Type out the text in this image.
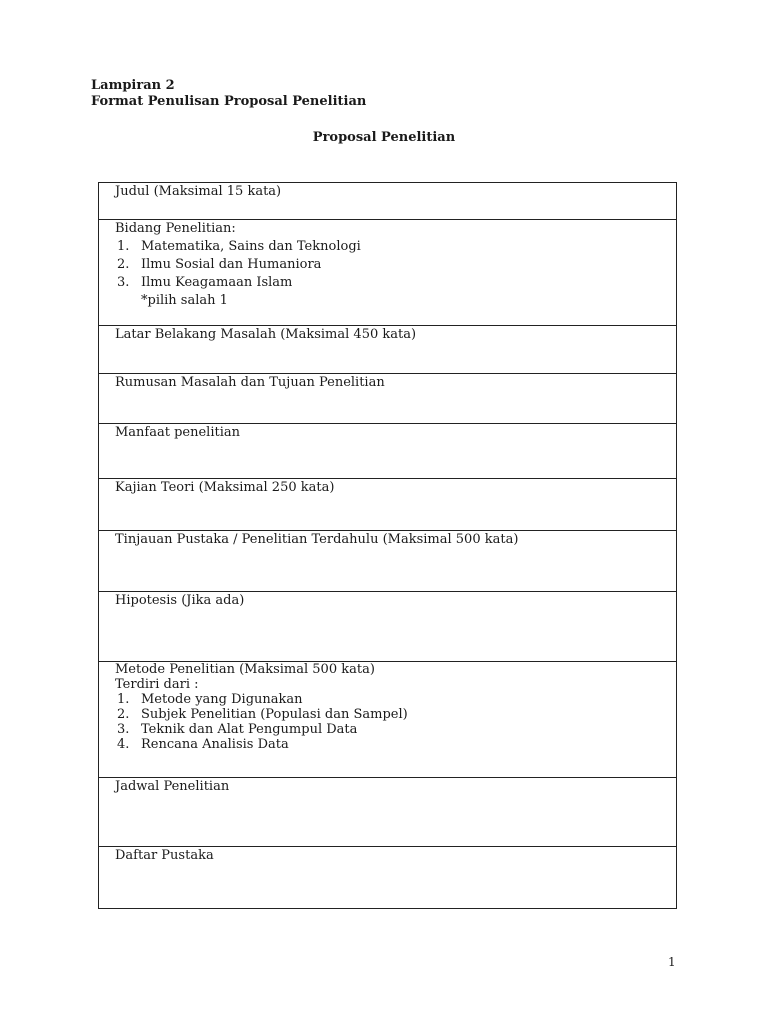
Lampiran 2
Format Penulisan Proposal Penelitian
Proposal Penelitian
Judul (Maksimal 15 kata)
Bidang Penelitian:
1. Matematika, Sains dan Teknologi
2. Ilmu Sosial dan Humaniora
3. Ilmu Keagamaan Islam
*pilih salah 1
Latar Belakang Masalah (Maksimal 450 kata)
Rumusan Masalah dan Tujuan Penelitian
Manfaat penelitian
Kajian Teori (Maksimal 250 kata)
Tinjauan Pustaka / Penelitian Terdahulu (Maksimal 500 kata)
Hipotesis (Jika ada)
Metode Penelitian (Maksimal 500 kata)
Terdiri dari :
1. Metode yang Digunakan
2. Subjek Penelitian (Populasi dan Sampel)
3. Teknik dan Alat Pengumpul Data
4. Rencana Analisis Data
Jadwal Penelitian
Daftar Pustaka
1
